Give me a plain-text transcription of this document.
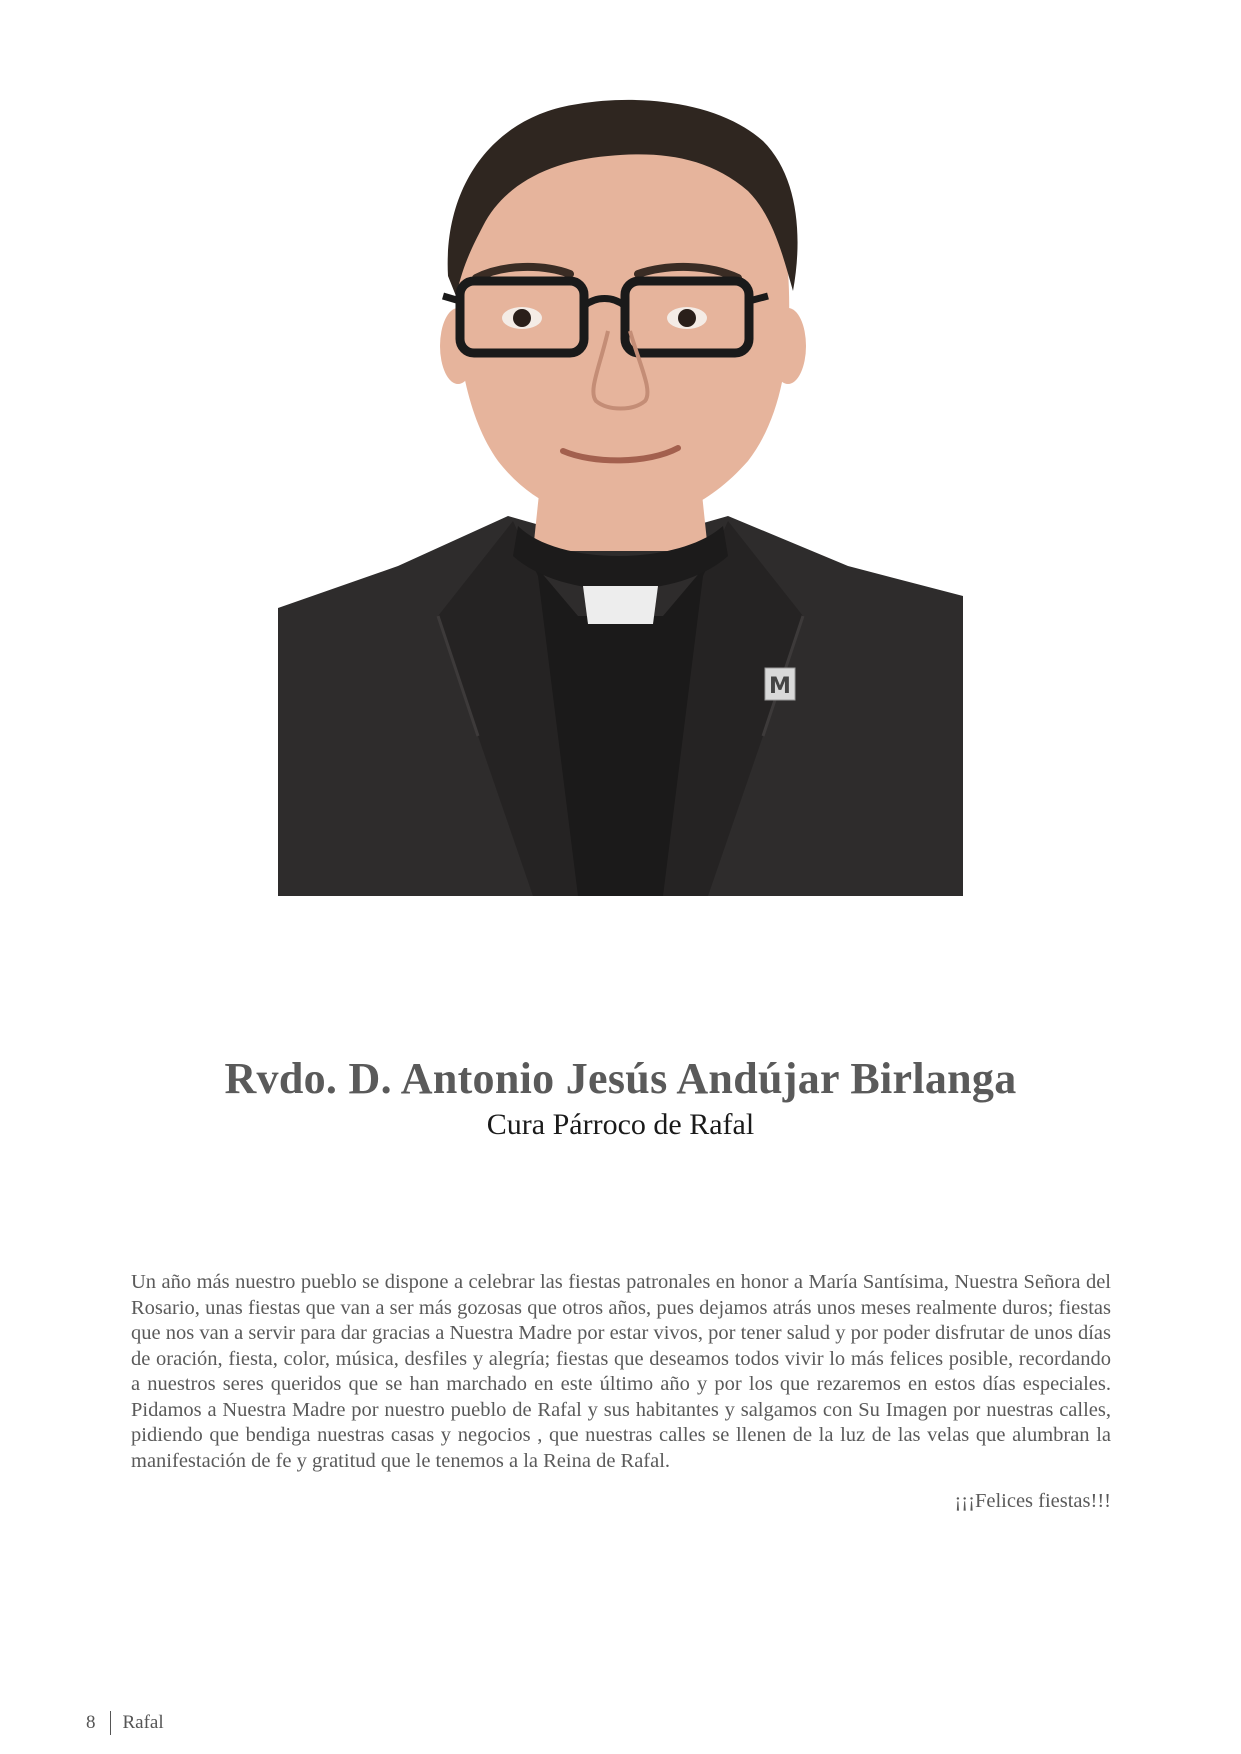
M

Rvdo. D. Antonio Jesús Andújar Birlanga

Cura Párroco de Rafal

Un año más nuestro pueblo se dispone a celebrar las fiestas patronales en honor a María Santísima, Nuestra Señora del Rosario, unas fiestas que van a ser más gozosas que otros años, pues dejamos atrás unos meses realmente duros; fiestas que nos van a servir para dar gracias a Nuestra Madre por estar vivos, por tener salud y por poder disfrutar de unos días de oración, fiesta, color, música, desfiles y alegría; fiestas que deseamos todos vivir lo más felices posible, recordando a nuestros seres queridos que se han marchado en este último año y por los que rezaremos en estos días especiales. Pidamos a Nuestra Madre por nuestro pueblo de Rafal y sus habitantes y salgamos con Su Imagen por nuestras calles, pidiendo que bendiga nuestras casas y negocios , que nuestras calles se llenen de la luz de las velas que alumbran la manifestación de fe y gratitud que le tenemos a la Reina de Rafal.

¡¡¡Felices fiestas!!!

8 Rafal
